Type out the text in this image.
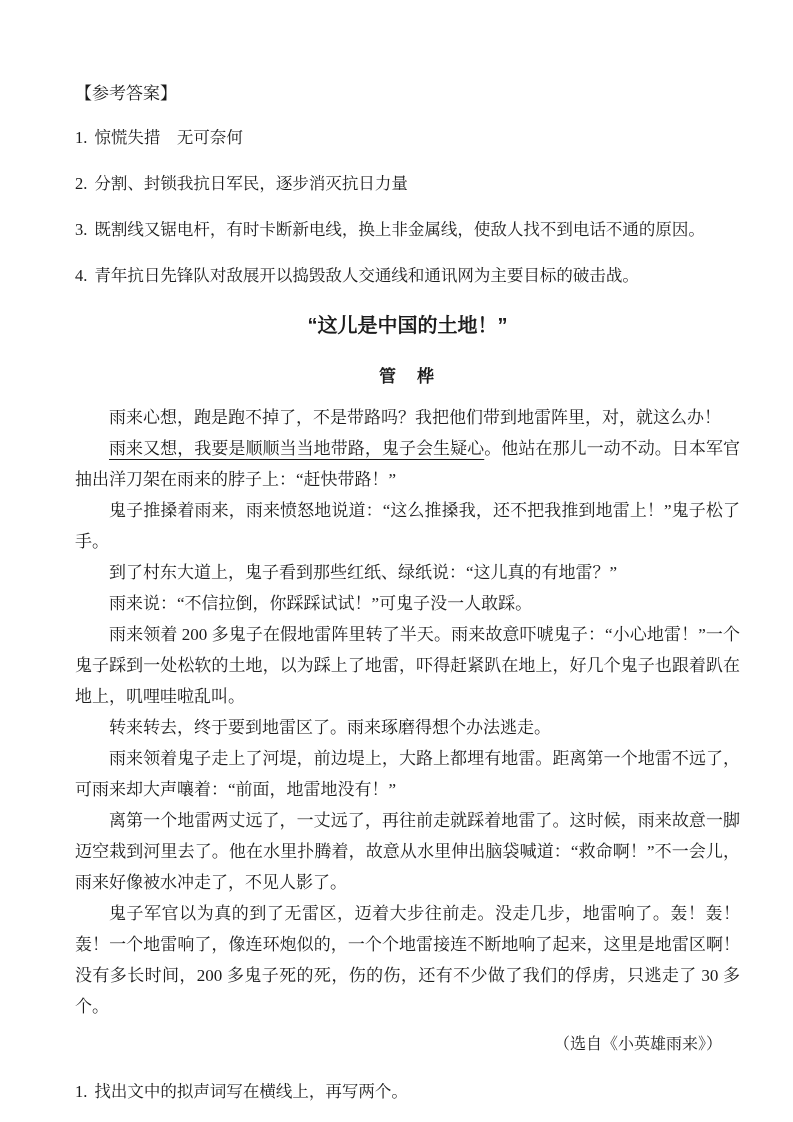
【参考答案】

1. 惊慌失措　无可奈何

2. 分割、封锁我抗日军民，逐步消灭抗日力量

3. 既割线又锯电杆，有时卡断新电线，换上非金属线，使敌人找不到电话不通的原因。

4. 青年抗日先锋队对敌展开以捣毁敌人交通线和通讯网为主要目标的破击战。

“这儿是中国的土地！”
管　桦

雨来心想，跑是跑不掉了，不是带路吗？我把他们带到地雷阵里，对，就这么办！

雨来又想，我要是顺顺当当地带路，鬼子会生疑心。他站在那儿一动不动。日本军官抽出洋刀架在雨来的脖子上：“赶快带路！”

鬼子推搡着雨来，雨来愤怒地说道：“这么推搡我，还不把我推到地雷上！”鬼子松了手。

到了村东大道上，鬼子看到那些红纸、绿纸说：“这儿真的有地雷？”

雨来说：“不信拉倒，你踩踩试试！”可鬼子没一人敢踩。

雨来领着 200 多鬼子在假地雷阵里转了半天。雨来故意吓唬鬼子：“小心地雷！”一个鬼子踩到一处松软的土地，以为踩上了地雷，吓得赶紧趴在地上，好几个鬼子也跟着趴在地上，叽哩哇啦乱叫。

转来转去，终于要到地雷区了。雨来琢磨得想个办法逃走。

雨来领着鬼子走上了河堤，前边堤上，大路上都埋有地雷。距离第一个地雷不远了，可雨来却大声嚷着：“前面，地雷地没有！”

离第一个地雷两丈远了，一丈远了，再往前走就踩着地雷了。这时候，雨来故意一脚迈空栽到河里去了。他在水里扑腾着，故意从水里伸出脑袋喊道：“救命啊！”不一会儿，雨来好像被水冲走了，不见人影了。

鬼子军官以为真的到了无雷区，迈着大步往前走。没走几步，地雷响了。轰！轰！轰！一个地雷响了，像连环炮似的，一个个地雷接连不断地响了起来，这里是地雷区啊！没有多长时间，200 多鬼子死的死，伤的伤，还有不少做了我们的俘虏，只逃走了 30 多个。

（选自《小英雄雨来》）

1. 找出文中的拟声词写在横线上，再写两个。
